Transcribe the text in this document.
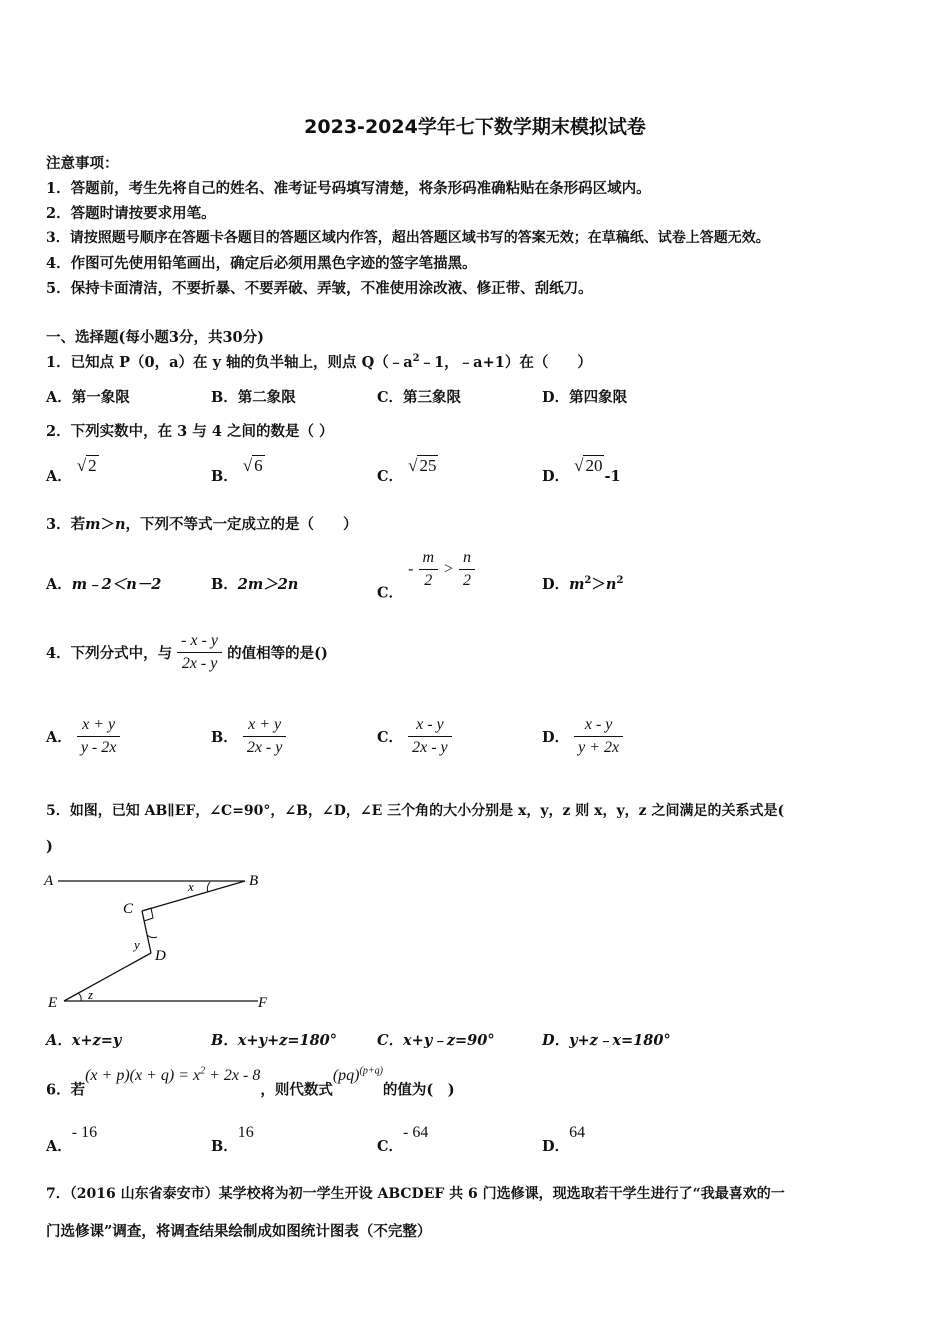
2023-2024学年七下数学期末模拟试卷
注意事项：
1．答题前，考生先将自己的姓名、准考证号码填写清楚，将条形码准确粘贴在条形码区域内。
2．答题时请按要求用笔。
3．请按照题号顺序在答题卡各题目的答题区域内作答，超出答题区域书写的答案无效；在草稿纸、试卷上答题无效。
4．作图可先使用铅笔画出，确定后必须用黑色字迹的签字笔描黑。
5．保持卡面清洁，不要折暴、不要弄破、弄皱，不准使用涂改液、修正带、刮纸刀。
一、选择题(每小题3分，共30分)
1．已知点 P（0，a）在 y 轴的负半轴上，则点 $Q(﹣a^2﹣1$，﹣a+1）在（　　）
A．第一象限	B．第二象限	C．第三象限	D．第四象限
2．下列实数中，在 3 与 4 之间的数是（ ）
A． √ 2
B． √ 6
C． √ 25
D． √ 20-1
3．若m＞n，下列不等式一定成立的是（　　）
A．m﹣2＜n－2	B．2m＞2n	C． - $\frac{m}{2} > \frac{n}{2}$	D．$m^2>n^2$
4．下列分式中，与 $\frac{- x - y}{2x - y}$ 的值相等的是()
A． $\frac{x + y}{y - 2x}$	B． $\frac{x + y}{2x - y}$	C． $\frac{x - y}{2x - y}$	D． $\frac{x - y}{y + 2x}$
5．如图，已知 AB∥EF，∠C=90°，∠B，∠D，∠E 三个角的大小分别是 x，y，z 则 x，y，z 之间满足的关系式是(
)
A	B
C
D
E	F
x
y
z
A．x+z=y	B．x+y+z=180°	C．x+y﹣z=90°	D．y+z﹣x=180°
6．若$(x + p)(x + q) = x^2 + 2x - 8$，则代数式(pq)$^{(p+q)}$的值为(　)
A．- 16
B．16
C．- 64
D．64
7．（2016 山东省泰安市）某学校将为初一学生开设 ABCDEF 共 6 门选修课，现选取若干学生进行了“我最喜欢的一
门选修课”调查，将调查结果绘制成如图统计图表（不完整）
